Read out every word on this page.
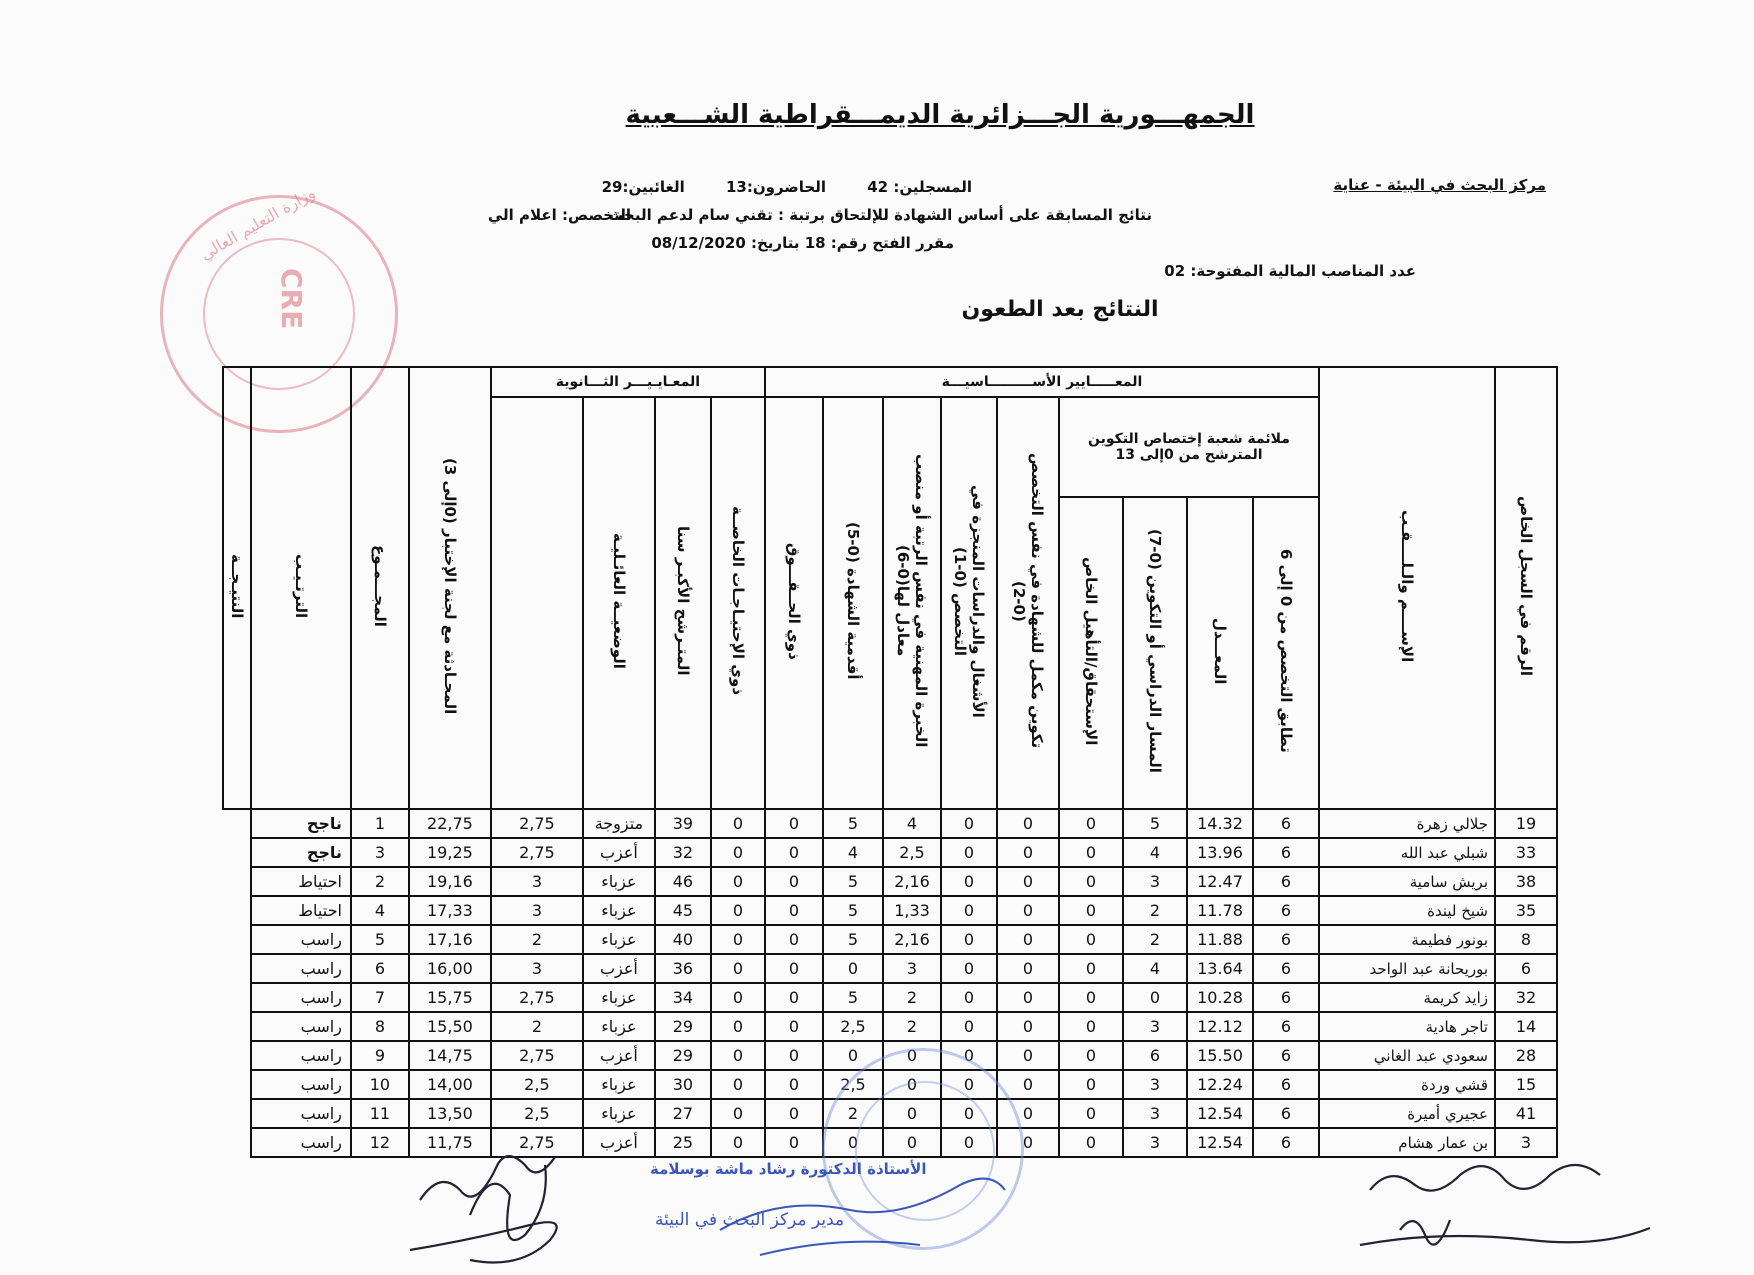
الجمهـــورية الجـــزائرية الديمـــقراطية الشـــعبية
مركز البحث في البيئة - عناية
المسجلين: 42 الحاضرون:13 الغائبين:29
نتائج المسابقة على أساس الشهادة للإلتحاق برتبة : تقني سام لدعم البحث
التخصص: اعلام الي
مقرر الفتح رقم: 18 بتاريخ: 08/12/2020
عدد المناصب المالية المفتوحة: 02
النتائج بعد الطعون
وزارة التعليم العالي
CRE
الرقم في السجل الخاص	الإســــم والـلــــقـب	المعـــــايير الأســـــــــاسيـــة									المعـايـيـــر الثـــانوية				المحـادثة مع لجنة الإختبار (0إلى 3)	المجـــمـوع	الترتـيـب	النتيـجــة
		ملائمة شعبة إختصاص التكوين المترشح من 0إلى 13				تكوين مكمل للشهادة في نفس التخصص (0-2)	الأشغال والدراسات المنجزة في التخصص (0-1)	الخبرة المهنية في نفس الرتبة أو منصب معادل لها(0-6)	أقدمية الشهادة (0-5)	ذوي الحــقـــوق	ذوي الإحتيـاجـات الخاصــة	المتـرشح الأكبـر سنا	الوضعيــة العائـليـة					
		تطابق التخصص من 0 إلى 6	المعـــدل	المسار الدراسي أو التكوين (0-7)	الإستحقاق/التأهيل الخاص													
19	جلالي زهرة	6	14.32	5	0	0	0	4	5	0	0	39	متزوجة	2,75	22,75	1	ناجح	
33	شبلي عبد الله	6	13.96	4	0	0	0	2,5	4	0	0	32	أعزب	2,75	19,25	3	ناجح	
38	بريش سامية	6	12.47	3	0	0	0	2,16	5	0	0	46	عزباء	3	19,16	2	احتياط	
35	شيخ ليندة	6	11.78	2	0	0	0	1,33	5	0	0	45	عزباء	3	17,33	4	احتياط	
8	بونور فطيمة	6	11.88	2	0	0	0	2,16	5	0	0	40	عزباء	2	17,16	5	راسب	
6	بوريحانة عبد الواحد	6	13.64	4	0	0	0	3	0	0	0	36	أعزب	3	16,00	6	راسب	
32	زايد كريمة	6	10.28	0	0	0	0	2	5	0	0	34	عزباء	2,75	15,75	7	راسب	
14	تاجر هادية	6	12.12	3	0	0	0	2	2,5	0	0	29	عزباء	2	15,50	8	راسب	
28	سعودي عبد الغاني	6	15.50	6	0	0	0	0	0	0	0	29	أعزب	2,75	14,75	9	راسب	
15	قشي وردة	6	12.24	3	0	0	0	0	2,5	0	0	30	عزباء	2,5	14,00	10	راسب	
41	عجيري أميرة	6	12.54	3	0	0	0	0	2	0	0	27	عزباء	2,5	13,50	11	راسب	
3	بن عمار هشام	6	12.54	3	0	0	0	0	0	0	0	25	أعزب	2,75	11,75	12	راسب	
الأستاذة الدكتورة رشاد ماشة بوسلامة
مدير مركز البحث في البيئة
